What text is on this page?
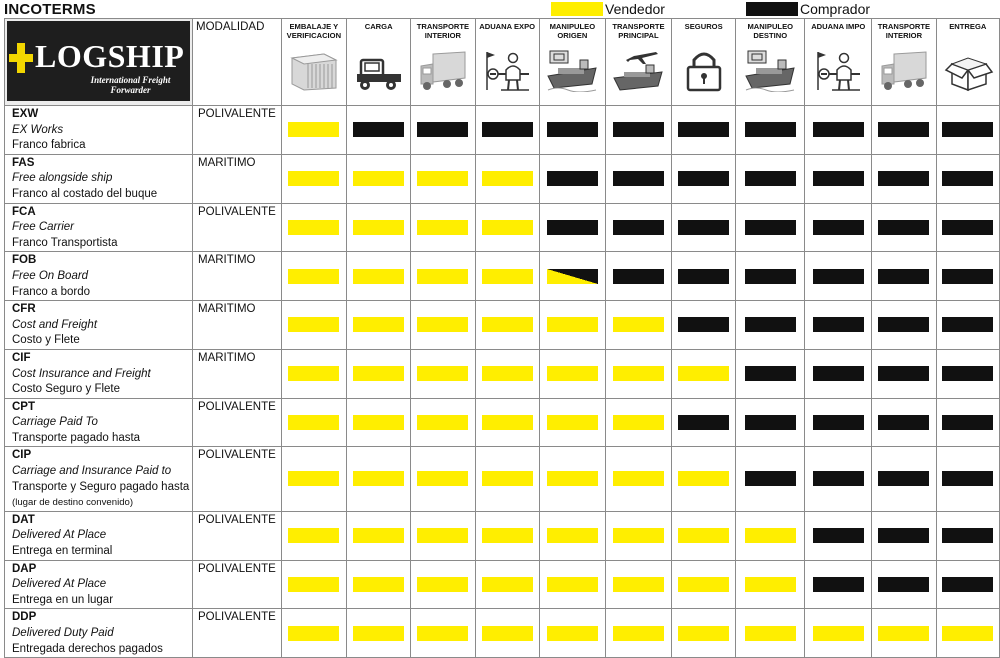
INCOTERMS	Vendedor	Comprador
LOGSHIP
International Freight Forwarder	MODALIDAD	EMBALAJE Y VERIFICACION	CARGA	TRANSPORTE INTERIOR	ADUANA EXPO	MANIPULEO ORIGEN	TRANSPORTE PRINCIPAL	SEGUROS	MANIPULEO DESTINO	ADUANA IMPO	TRANSPORTE INTERIOR	ENTREGA

EXW
EX Works
Franco fabrica	POLIVALENTE											

FAS
Free alongside ship
Franco al costado del buque	MARITIMO											

FCA
Free Carrier
Franco Transportista	POLIVALENTE											

FOB
Free On Board
Franco a bordo	MARITIMO											

CFR
Cost and Freight
Costo y Flete	MARITIMO											

CIF
Cost Insurance and Freight
Costo Seguro y Flete	MARITIMO											

CPT
Carriage Paid To
Transporte pagado hasta	POLIVALENTE											

CIP
Carriage and Insurance Paid to
Transporte y Seguro pagado hasta
(lugar de destino convenido)	POLIVALENTE											

DAT
Delivered At Place
Entrega en terminal	POLIVALENTE											

DAP
Delivered At Place
Entrega en un lugar	POLIVALENTE											

DDP
Delivered Duty Paid
Entregada derechos pagados	POLIVALENTE											
